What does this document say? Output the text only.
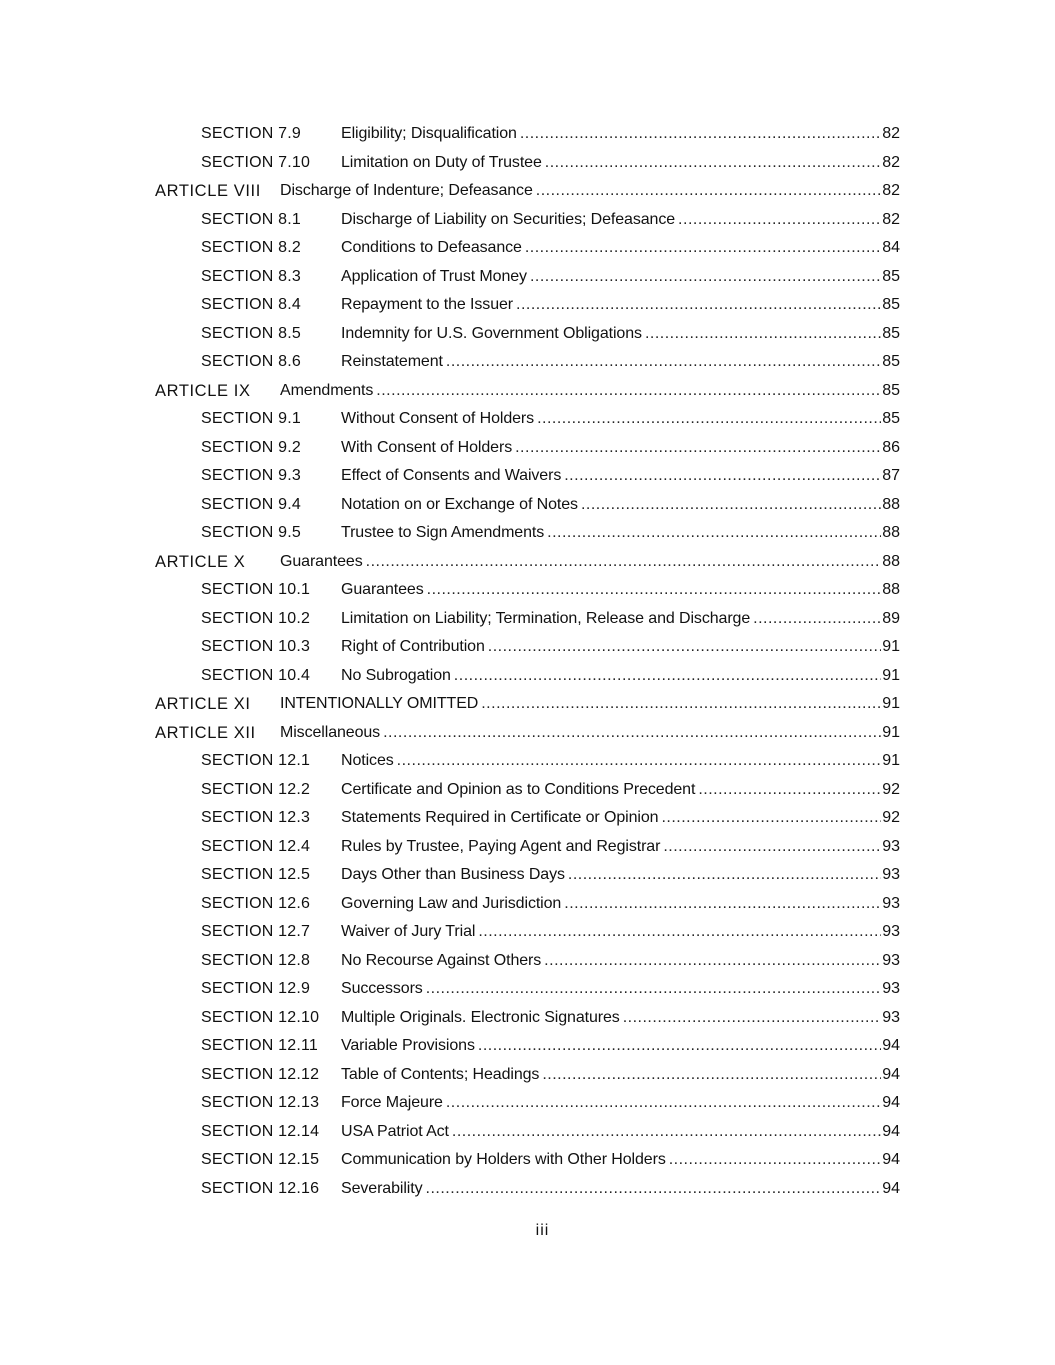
SECTION 7.9 Eligibility; Disqualification .....	82
SECTION 7.10 Limitation on Duty of Trustee .....	82
ARTICLE VIII Discharge of Indenture; Defeasance .....	82
SECTION 8.1 Discharge of Liability on Securities; Defeasance .....	82
SECTION 8.2 Conditions to Defeasance .....	84
SECTION 8.3 Application of Trust Money .....	85
SECTION 8.4 Repayment to the Issuer .....	85
SECTION 8.5 Indemnity for U.S. Government Obligations .....	85
SECTION 8.6 Reinstatement .....	85
ARTICLE IX Amendments .....	85
SECTION 9.1 Without Consent of Holders .....	85
SECTION 9.2 With Consent of Holders .....	86
SECTION 9.3 Effect of Consents and Waivers .....	87
SECTION 9.4 Notation on or Exchange of Notes .....	88
SECTION 9.5 Trustee to Sign Amendments .....	88
ARTICLE X Guarantees .....	88
SECTION 10.1 Guarantees .....	88
SECTION 10.2 Limitation on Liability; Termination, Release and Discharge .....	89
SECTION 10.3 Right of Contribution .....	91
SECTION 10.4 No Subrogation .....	91
ARTICLE XI INTENTIONALLY OMITTED .....	91
ARTICLE XII Miscellaneous .....	91
SECTION 12.1 Notices .....	91
SECTION 12.2 Certificate and Opinion as to Conditions Precedent .....	92
SECTION 12.3 Statements Required in Certificate or Opinion .....	92
SECTION 12.4 Rules by Trustee, Paying Agent and Registrar .....	93
SECTION 12.5 Days Other than Business Days .....	93
SECTION 12.6 Governing Law and Jurisdiction .....	93
SECTION 12.7 Waiver of Jury Trial .....	93
SECTION 12.8 No Recourse Against Others .....	93
SECTION 12.9 Successors .....	93
SECTION 12.10 Multiple Originals. Electronic Signatures .....	93
SECTION 12.11 Variable Provisions .....	94
SECTION 12.12 Table of Contents; Headings .....	94
SECTION 12.13 Force Majeure .....	94
SECTION 12.14 USA Patriot Act .....	94
SECTION 12.15 Communication by Holders with Other Holders .....	94
SECTION 12.16 Severability .....	94
iii
